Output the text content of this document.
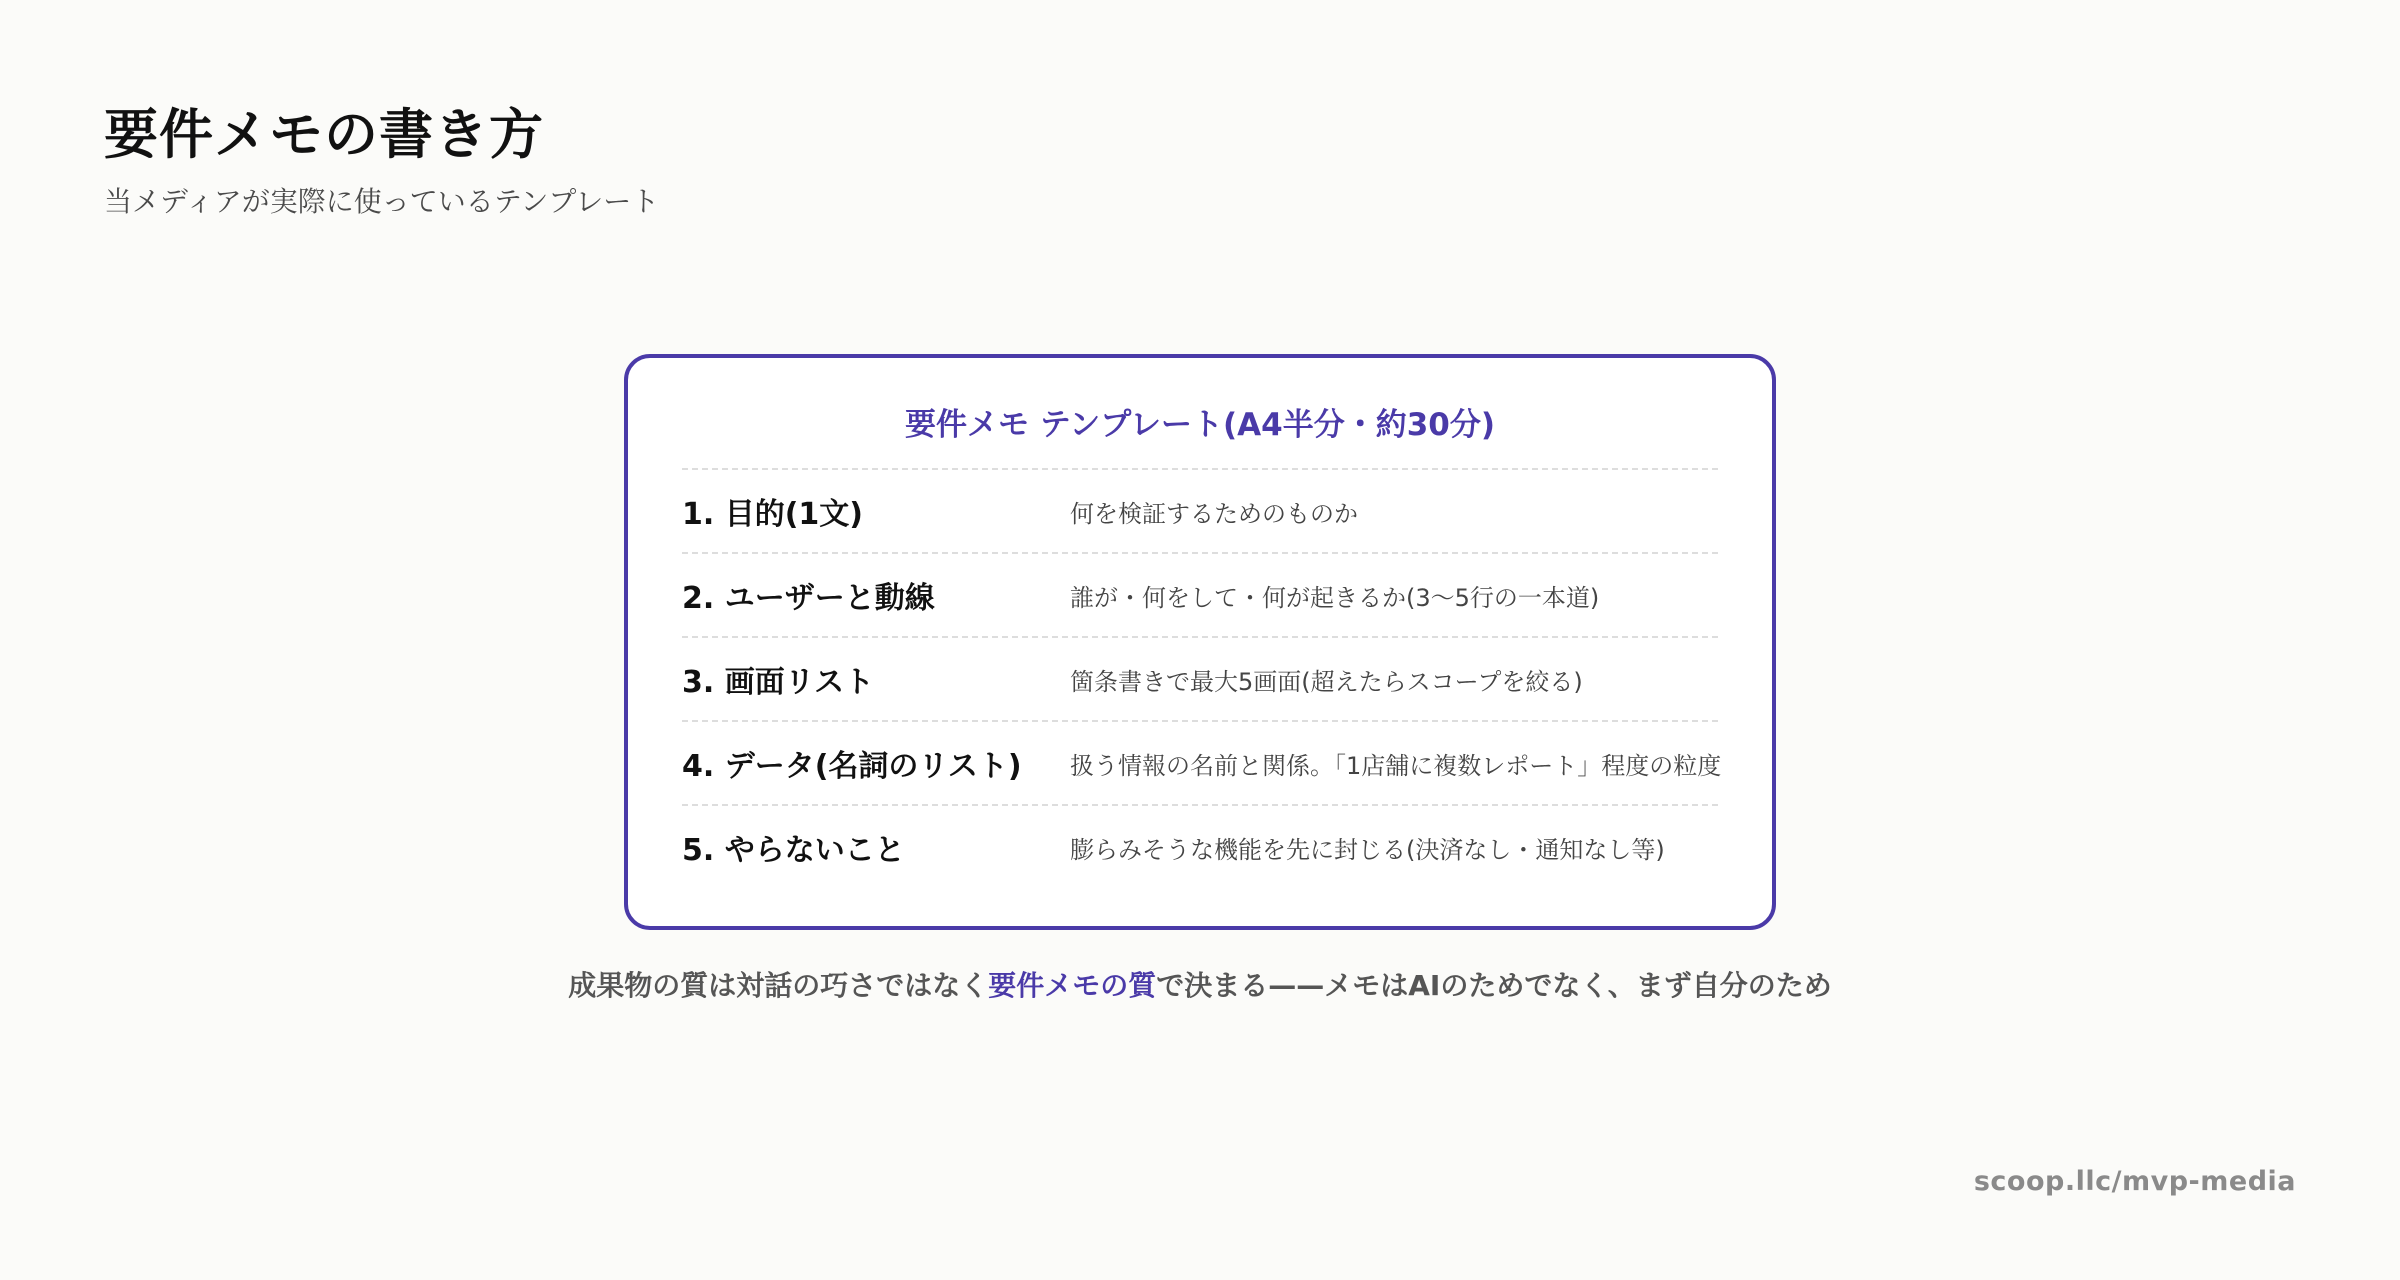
要件メモの書き方

当メディアが実際に使っているテンプレート

要件メモ テンプレート(A4半分・約30分)
1. 目的(1文)	何を検証するためのものか
2. ユーザーと動線	誰が・何をして・何が起きるか(3〜5行の一本道)
3. 画面リスト	箇条書きで最大5画面(超えたらスコープを絞る)
4. データ(名詞のリスト)	扱う情報の名前と関係。「1店舗に複数レポート」程度の粒度
5. やらないこと	膨らみそうな機能を先に封じる(決済なし・通知なし等)

成果物の質は対話の巧さではなく要件メモの質で決まる——メモはAIのためでなく、まず自分のため

scoop.llc/mvp-media
